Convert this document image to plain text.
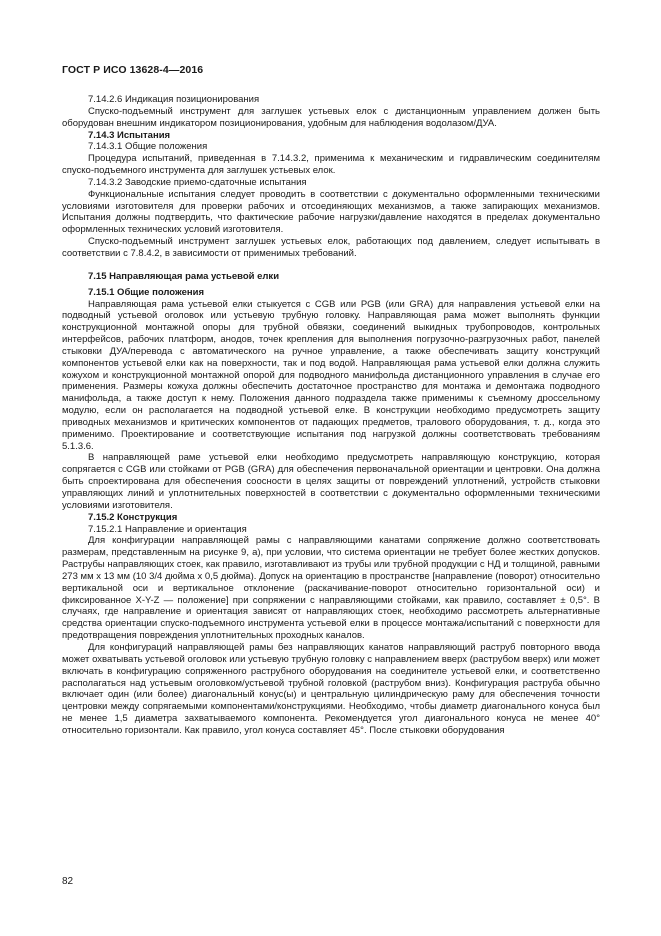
ГОСТ Р ИСО 13628-4—2016

7.14.2.6 Индикация позиционирования

Спуско-подъемный инструмент для заглушек устьевых елок с дистанционным управлением должен быть оборудован внешним индикатором позиционирования, удобным для наблюдения водолазом/ДУА.

7.14.3 Испытания

7.14.3.1 Общие положения

Процедура испытаний, приведенная в 7.14.3.2, применима к механическим и гидравлическим соединителям спуско-подъемного инструмента для заглушек устьевых елок.

7.14.3.2 Заводские приемо-сдаточные испытания

Функциональные испытания следует проводить в соответствии с документально оформленными техническими условиями изготовителя для проверки рабочих и отсоединяющих механизмов, а также запирающих механизмов. Испытания должны подтвердить, что фактические рабочие нагрузки/давление находятся в пределах документально оформленных технических условий изготовителя.

Спуско-подъемный инструмент заглушек устьевых елок, работающих под давлением, следует испытывать в соответствии с 7.8.4.2, в зависимости от применимых требований.

7.15 Направляющая рама устьевой елки

7.15.1 Общие положения

Направляющая рама устьевой елки стыкуется с CGB или PGB (или GRA) для направления устьевой елки на подводный устьевой оголовок или устьевую трубную головку. Направляющая рама может выполнять функции конструкционной монтажной опоры для трубной обвязки, соединений выкидных трубопроводов, контрольных интерфейсов, рабочих платформ, анодов, точек крепления для выполнения погрузочно-разгрузочных работ, панелей стыковки ДУА/перевода с автоматического на ручное управление, а также обеспечивать защиту конструкций компонентов устьевой елки как на поверхности, так и под водой. Направляющая рама устьевой елки должна служить кожухом и конструкционной монтажной опорой для подводного манифольда дистанционного управления в случае его применения. Размеры кожуха должны обеспечить достаточное пространство для монтажа и демонтажа подводного манифольда, а также доступ к нему. Положения данного подраздела также применимы к съемному дроссельному модулю, если он располагается на подводной устьевой елке. В конструкции необходимо предусмотреть защиту приводных механизмов и критических компонентов от падающих предметов, тралового оборудования, т. д., когда это применимо. Проектирование и соответствующие испытания под нагрузкой должны соответствовать требованиям 5.1.3.6.

В направляющей раме устьевой елки необходимо предусмотреть направляющую конструкцию, которая сопрягается с CGB или стойками от PGB (GRA) для обеспечения первоначальной ориентации и центровки. Она должна быть спроектирована для обеспечения соосности в целях защиты от повреждений уплотнений, устройств стыковки управляющих линий и уплотнительных поверхностей в соответствии с документально оформленными техническими условиями изготовителя.

7.15.2 Конструкция

7.15.2.1 Направление и ориентация

Для конфигурации направляющей рамы с направляющими канатами сопряжение должно соответствовать размерам, представленным на рисунке 9, а), при условии, что система ориентации не требует более жестких допусков. Раструбы направляющих стоек, как правило, изготавливают из трубы или трубной продукции с НД и толщиной, равными 273 мм х 13 мм (10 3/4 дюйма х 0,5 дюйма). Допуск на ориентацию в пространстве [направление (поворот) относительно вертикальной оси и вертикальное отклонение (раскачивание-поворот относительно горизонтальной оси) и фиксированное X-Y-Z — положение] при сопряжении с направляющими стойками, как правило, составляет ± 0,5°. В случаях, где направление и ориентация зависят от направляющих стоек, необходимо рассмотреть альтернативные средства ориентации спуско-подъемного инструмента устьевой елки в процессе монтажа/испытаний с поверхности для предотвращения повреждения уплотнительных проходных каналов.

Для конфигураций направляющей рамы без направляющих канатов направляющий раструб повторного ввода может охватывать устьевой оголовок или устьевую трубную головку с направлением вверх (раструбом вверх) или может включать в конфигурацию сопряженного раструбного оборудования на соединителе устьевой елки, и соответственно располагаться над устьевым оголовком/устьевой трубной головкой (раструбом вниз). Конфигурация раструба обычно включает один (или более) диагональный конус(ы) и центральную цилиндрическую раму для обеспечения точности центровки между сопрягаемыми компонентами/конструкциями. Необходимо, чтобы диаметр диагонального конуса был не менее 1,5 диаметра захватываемого компонента. Рекомендуется угол диагонального конуса не менее 40° относительно горизонтали. Как правило, угол конуса составляет 45°. После стыковки оборудования

82
